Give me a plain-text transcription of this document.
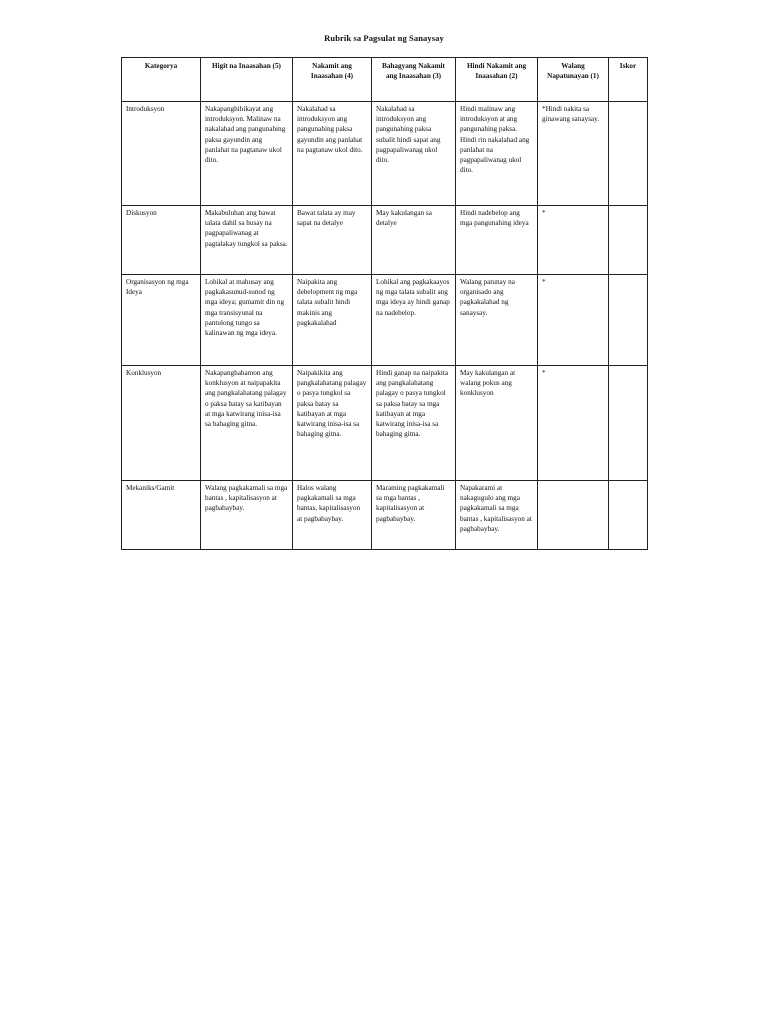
Rubrik sa Pagsulat ng Sanaysay
Kategorya	Higit na Inaasahan (5)	Nakamit ang Inaasahan (4)	Bahagyang Nakamit ang Inaasahan (3)	Hindi Nakamit ang Inaasahan (2)	Walang Napatunayan (1)	Iskor
Introduksyon	Nakapanghihikayat ang introduksyon. Malinaw na nakalahad ang pangunahing paksa gayundin ang panlahat na pagtanaw ukol dito.	Nakalahad sa introduksyon ang pangunahing paksa gayundin ang panlahat na pagtanaw ukol dito.	Nakalahad sa introduksyon ang pangunahing paksa subalit hindi sapat ang pagpapaliwanag ukol dito.	Hindi malinaw ang introduksyon at ang pangunahing paksa. Hindi rin nakalahad ang panlahat na pagpapaliwanag ukol dito.	*Hindi nakita sa ginawang sanaysay.	
Diskusyon	Makabuluhan ang bawat talata dahil sa husay na pagpapaliwanag at pagtalakay tungkol sa paksa.	Bawat talata ay may sapat na detalye	May kakulangan sa detalye	Hindi nadebelop ang mga pangunahing ideya	*	
Organisasyon ng mga Ideya	Lohikal at mahusay ang pagkakasunud-sunod ng mga ideya; gumamit din ng mga transisyunal na pantulong tungo sa kalinawan ng mga ideya.	Naipakita ang debelopment ng mga talata subalit hindi makinis ang pagkakalahad	Lohikal ang pagkakaayos ng mga talata subalit ang mga ideya ay hindi ganap na nadebelop.	Walang patunay na organisado ang pagkakalahad ng sanaysay.	*	
Konklusyon	Nakapanghahamon ang konklusyon at naipapakita ang pangkalahatang palagay o paksa batay sa katibayan at mga katwirang inisa-isa sa bahaging gitna.	Naipakikita ang pangkalahatang palagay o pasya tungkol sa paksa batay sa katibayan at mga katwirang inisa-isa sa bahaging gitna.	Hindi ganap na naipakita ang pangkalahatang palagay o pasya tungkol sa paksa batay sa mga katibayan at mga katwirang inisa-isa sa bahaging gitna.	May kakulangan at walang pokus ang konklusyon	*	
Mekaniks/Gamit	Walang pagkakamali sa mga bantas , kapitalisasyon at pagbabaybay.	Halos walang pagkakamali sa mga bantas, kapitalisasyon at pagbabaybay.	Maraming pagkakamali sa mga bantas , kapitalisasyon at pagbabaybay.	Napakarami at nakagugulo ang mga pagkakamali sa mga bantas , kapitalisasyon at pagbabaybay.		
